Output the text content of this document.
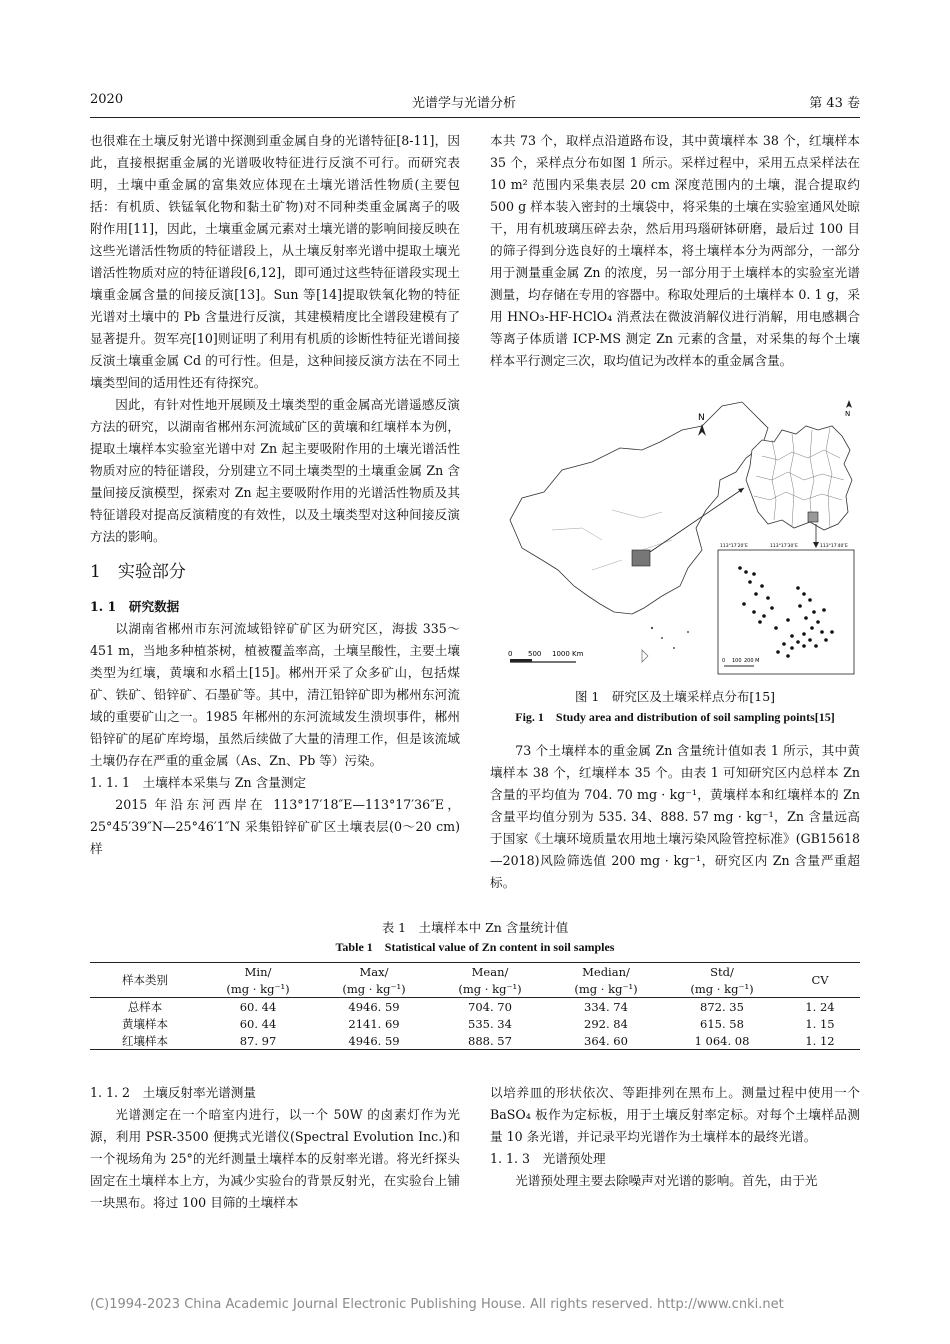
2020	光谱学与光谱分析	第 43 卷

也很难在土壤反射光谱中探测到重金属自身的光谱特征[8-11]，因此，直接根据重金属的光谱吸收特征进行反演不可行。而研究表明，土壤中重金属的富集效应体现在土壤光谱活性物质(主要包括：有机质、铁锰氧化物和黏土矿物)对不同种类重金属离子的吸附作用[11]，因此，土壤重金属元素对土壤光谱的影响间接反映在这些光谱活性物质的特征谱段上，从土壤反射率光谱中提取土壤光谱活性物质对应的特征谱段[6,12]，即可通过这些特征谱段实现土壤重金属含量的间接反演[13]。Sun 等[14]提取铁氧化物的特征光谱对土壤中的 Pb 含量进行反演，其建模精度比全谱段建模有了显著提升。贺军亮[10]则证明了利用有机质的诊断性特征光谱间接反演土壤重金属 Cd 的可行性。但是，这种间接反演方法在不同土壤类型间的适用性还有待探究。

因此，有针对性地开展顾及土壤类型的重金属高光谱遥感反演方法的研究，以湖南省郴州东河流域矿区的黄壤和红壤样本为例，提取土壤样本实验室光谱中对 Zn 起主要吸附作用的土壤光谱活性物质对应的特征谱段，分别建立不同土壤类型的土壤重金属 Zn 含量间接反演模型，探索对 Zn 起主要吸附作用的光谱活性物质及其特征谱段对提高反演精度的有效性，以及土壤类型对这种间接反演方法的影响。

1　实验部分

1. 1　研究数据

以湖南省郴州市东河流域铅锌矿矿区为研究区，海拔 335～451 m，当地多种植茶树，植被覆盖率高，土壤呈酸性，主要土壤类型为红壤，黄壤和水稻土[15]。郴州开采了众多矿山，包括煤矿、铁矿、铅锌矿、石墨矿等。其中，清江铅锌矿即为郴州东河流域的重要矿山之一。1985 年郴州的东河流域发生溃坝事件，郴州铅锌矿的尾矿库垮塌，虽然后续做了大量的清理工作，但是该流域土壤仍存在严重的重金属（As、Zn、Pb 等）污染。

1. 1. 1　土壤样本采集与 Zn 含量测定

2015 年沿东河西岸在 113°17′18″E—113°17′36″E，25°45′39″N—25°46′1″N 采集铅锌矿矿区土壤表层(0～20 cm)样

本共 73 个，取样点沿道路布设，其中黄壤样本 38 个，红壤样本 35 个，采样点分布如图 1 所示。采样过程中，采用五点采样法在 10 m² 范围内采集表层 20 cm 深度范围内的土壤，混合提取约 500 g 样本装入密封的土壤袋中，将采集的土壤在实验室通风处晾干，用有机玻璃压碎去杂，然后用玛瑙研钵研磨，最后过 100 目的筛子得到分选良好的土壤样本，将土壤样本分为两部分，一部分用于测量重金属 Zn 的浓度，另一部分用于土壤样本的实验室光谱测量，均存储在专用的容器中。称取处理后的土壤样本 0. 1 g，采用 HNO₃-HF-HClO₄ 消煮法在微波消解仪进行消解，用电感耦合等离子体质谱 ICP-MS 测定 Zn 元素的含量，对采集的每个土壤样本平行测定三次，取均值记为改样本的重金属含量。

N
0 500 1000 Km
N
113°17′20″E	113°17′30″E	113°17′40″E
0 100 200 M
图 1　研究区及土壤采样点分布[15]
Fig. 1　Study area and distribution of soil sampling points[15]

73 个土壤样本的重金属 Zn 含量统计值如表 1 所示，其中黄壤样本 38 个，红壤样本 35 个。由表 1 可知研究区内总样本 Zn 含量的平均值为 704. 70 mg · kg⁻¹，黄壤样本和红壤样本的 Zn 含量平均值分别为 535. 34、888. 57 mg · kg⁻¹，Zn 含量远高于国家《土壤环境质量农用地土壤污染风险管控标准》(GB15618—2018)风险筛选值 200 mg · kg⁻¹，研究区内 Zn 含量严重超标。

表 1　土壤样本中 Zn 含量统计值
Table 1　Statistical value of Zn content in soil samples
样本类别	Min/	Max/	Mean/	Median/	Std/	CV
	(mg · kg⁻¹)	(mg · kg⁻¹)	(mg · kg⁻¹)	(mg · kg⁻¹)	(mg · kg⁻¹)	
总样本	60. 44	4946. 59	704. 70	334. 74	872. 35	1. 24
黄壤样本	60. 44	2141. 69	535. 34	292. 84	615. 58	1. 15
红壤样本	87. 97	4946. 59	888. 57	364. 60	1 064. 08	1. 12

1. 1. 2　土壤反射率光谱测量

光谱测定在一个暗室内进行，以一个 50W 的卤素灯作为光源，利用 PSR-3500 便携式光谱仪(Spectral Evolution Inc.)和一个视场角为 25°的光纤测量土壤样本的反射率光谱。将光纤探头固定在土壤样本上方，为减少实验台的背景反射光，在实验台上铺一块黑布。将过 100 目筛的土壤样本

以培养皿的形状依次、等距排列在黑布上。测量过程中使用一个 BaSO₄ 板作为定标板，用于土壤反射率定标。对每个土壤样品测量 10 条光谱，并记录平均光谱作为土壤样本的最终光谱。

1. 1. 3　光谱预处理

光谱预处理主要去除噪声对光谱的影响。首先，由于光

(C)1994-2023 China Academic Journal Electronic Publishing House. All rights reserved. http://www.cnki.net
